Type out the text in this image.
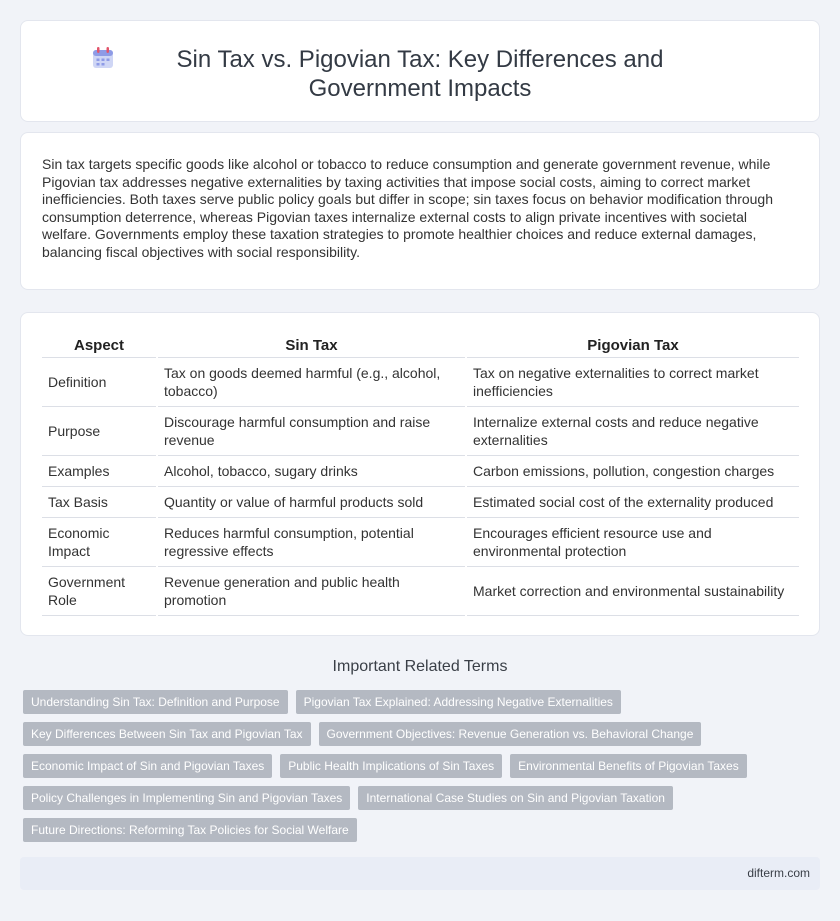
Sin Tax vs. Pigovian Tax: Key Differences and Government Impacts

Sin tax targets specific goods like alcohol or tobacco to reduce consumption and generate government revenue, while Pigovian tax addresses negative externalities by taxing activities that impose social costs, aiming to correct market inefficiencies. Both taxes serve public policy goals but differ in scope; sin taxes focus on behavior modification through consumption deterrence, whereas Pigovian taxes internalize external costs to align private incentives with societal welfare. Governments employ these taxation strategies to promote healthier choices and reduce external damages, balancing fiscal objectives with social responsibility.

Aspect	Sin Tax	Pigovian Tax
Definition	Tax on goods deemed harmful (e.g., alcohol, tobacco)	Tax on negative externalities to correct market inefficiencies
Purpose	Discourage harmful consumption and raise revenue	Internalize external costs and reduce negative externalities
Examples	Alcohol, tobacco, sugary drinks	Carbon emissions, pollution, congestion charges
Tax Basis	Quantity or value of harmful products sold	Estimated social cost of the externality produced
Economic Impact	Reduces harmful consumption, potential regressive effects	Encourages efficient resource use and environmental protection
Government Role	Revenue generation and public health promotion	Market correction and environmental sustainability
Important Related Terms
Understanding Sin Tax: Definition and Purpose	Pigovian Tax Explained: Addressing Negative Externalities
Key Differences Between Sin Tax and Pigovian Tax	Government Objectives: Revenue Generation vs. Behavioral Change
Economic Impact of Sin and Pigovian Taxes	Public Health Implications of Sin Taxes	Environmental Benefits of Pigovian Taxes
Policy Challenges in Implementing Sin and Pigovian Taxes	International Case Studies on Sin and Pigovian Taxation
Future Directions: Reforming Tax Policies for Social Welfare
difterm.com
